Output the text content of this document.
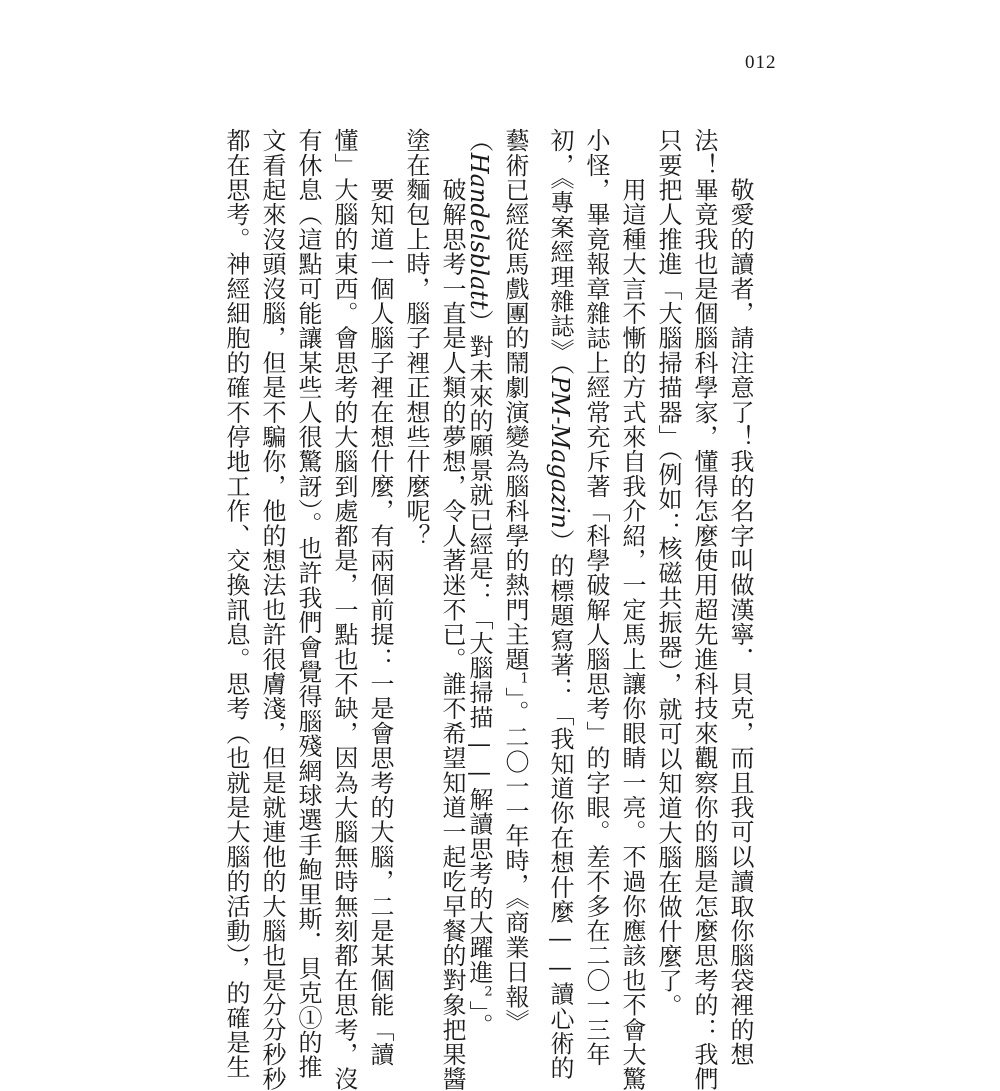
012
　　敬愛的讀者，請注意了！我的名字叫做漢寧．貝克，而且我可以讀取你腦袋裡的想
法！畢竟我也是個腦科學家，懂得怎麼使用超先進科技來觀察你的腦是怎麼思考的：我們
只要把人推進「大腦掃描器」（例如：核磁共振器），就可以知道大腦在做什麼了。
　　用這種大言不慚的方式來自我介紹，一定馬上讓你眼睛一亮。不過你應該也不會大驚
小怪，畢竟報章雜誌上經常充斥著「科學破解人腦思考」的字眼。差不多在二〇一三年
初，《專案經理雜誌》（PM-Magazin）的標題寫著：「我知道你在想什麼——讀心術的
藝術已經從馬戲團的鬧劇演變為腦科學的熱門主題$^1$」。二〇一一年時，《商業日報》
（Handelsblatt）對未來的願景就已經是：「大腦掃描——解讀思考的大躍進$^2$」。
　　破解思考一直是人類的夢想，令人著迷不已。誰不希望知道一起吃早餐的對象把果醬
塗在麵包上時，腦子裡正想些什麼呢？
　　要知道一個人腦子裡在想什麼，有兩個前提：一是會思考的大腦，二是某個能「讀
懂」大腦的東西。會思考的大腦到處都是，一點也不缺，因為大腦無時無刻都在思考，沒
有休息（這點可能讓某些人很驚訝）。也許我們會覺得腦殘網球選手鮑里斯．貝克①的推
文看起來沒頭沒腦，但是不騙你，他的想法也許很膚淺，但是就連他的大腦也是分分秒秒
都在思考。神經細胞的確不停地工作、交換訊息。思考（也就是大腦的活動），的確是生
